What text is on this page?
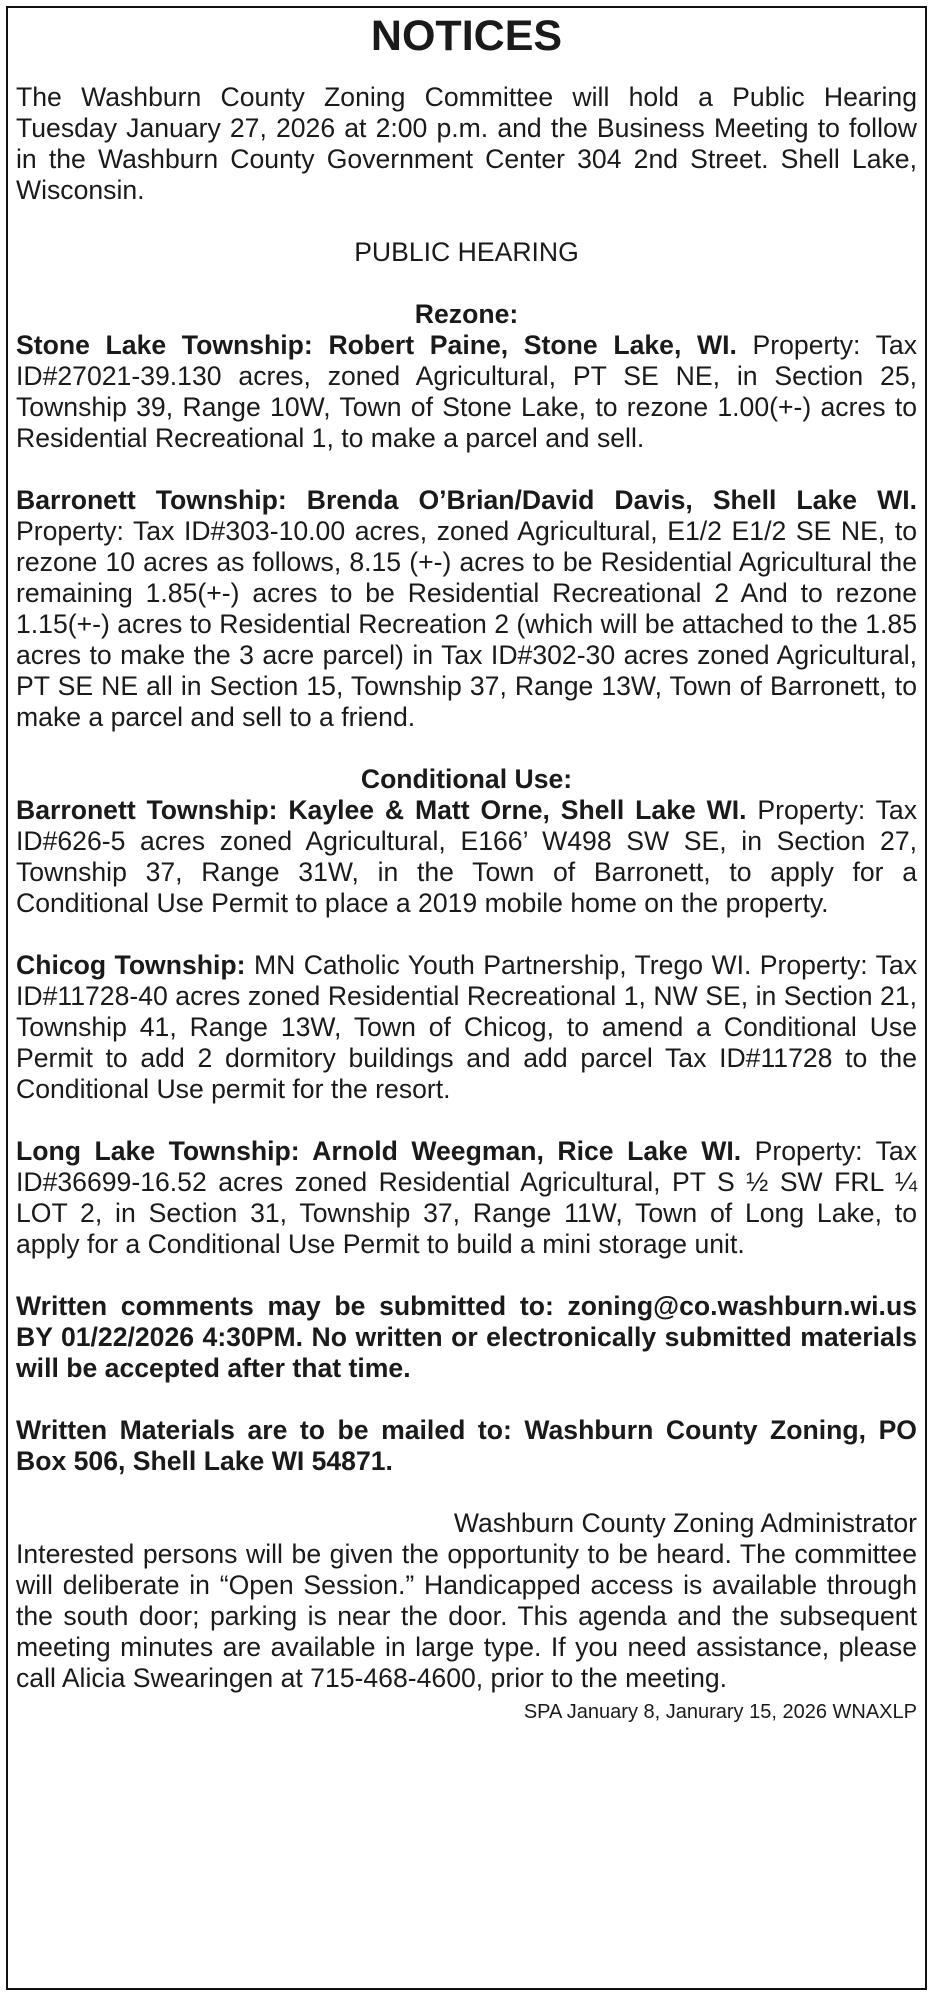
NOTICES

The Washburn County Zoning Committee will hold a Public Hearing Tuesday January 27, 2026 at 2:00 p.m. and the Business Meeting to follow in the Washburn County Government Center 304 2nd Street. Shell Lake, Wisconsin.

PUBLIC HEARING

Rezone:

Stone Lake Township: Robert Paine, Stone Lake, WI. Property: Tax ID#27021-39.130 acres, zoned Agricultural, PT SE NE, in Section 25, Township 39, Range 10W, Town of Stone Lake, to rezone 1.00(+-) acres to Residential Recreational 1, to make a parcel and sell.

Barronett Township: Brenda O’Brian/David Davis, Shell Lake WI. Property: Tax ID#303-10.00 acres, zoned Agricultural, E1/2 E1/2 SE NE, to rezone 10 acres as follows, 8.15 (+-) acres to be Residential Agricultural the remaining 1.85(+-) acres to be Residential Recreational 2 And to rezone 1.15(+-) acres to Residential Recreation 2 (which will be attached to the 1.85 acres to make the 3 acre parcel) in Tax ID#302-30 acres zoned Agricultural, PT SE NE all in Section 15, Township 37, Range 13W, Town of Barronett, to make a parcel and sell to a friend.

Conditional Use:

Barronett Township: Kaylee & Matt Orne, Shell Lake WI. Property: Tax ID#626-5 acres zoned Agricultural, E166’ W498 SW SE, in Section 27, Township 37, Range 31W, in the Town of Barronett, to apply for a Conditional Use Permit to place a 2019 mobile home on the property.

Chicog Township: MN Catholic Youth Partnership, Trego WI. Property: Tax ID#11728-40 acres zoned Residential Recreational 1, NW SE, in Section 21, Township 41, Range 13W, Town of Chicog, to amend a Conditional Use Permit to add 2 dormitory buildings and add parcel Tax ID#11728 to the Conditional Use permit for the resort.

Long Lake Township: Arnold Weegman, Rice Lake WI. Property: Tax ID#36699-16.52 acres zoned Residential Agricultural, PT S ½ SW FRL ¼ LOT 2, in Section 31, Township 37, Range 11W, Town of Long Lake, to apply for a Conditional Use Permit to build a mini storage unit.

Written comments may be submitted to: zoning@co.washburn.wi.us BY 01/22/2026 4:30PM. No written or electronically submitted materials will be accepted after that time.

Written Materials are to be mailed to: Washburn County Zoning, PO Box 506, Shell Lake WI 54871.

Washburn County Zoning Administrator

Interested persons will be given the opportunity to be heard. The committee will deliberate in “Open Session.” Handicapped access is available through the south door; parking is near the door. This agenda and the subsequent meeting minutes are available in large type. If you need assistance, please call Alicia Swearingen at 715-468-4600, prior to the meeting.

SPA January 8, Janurary 15, 2026 WNAXLP
